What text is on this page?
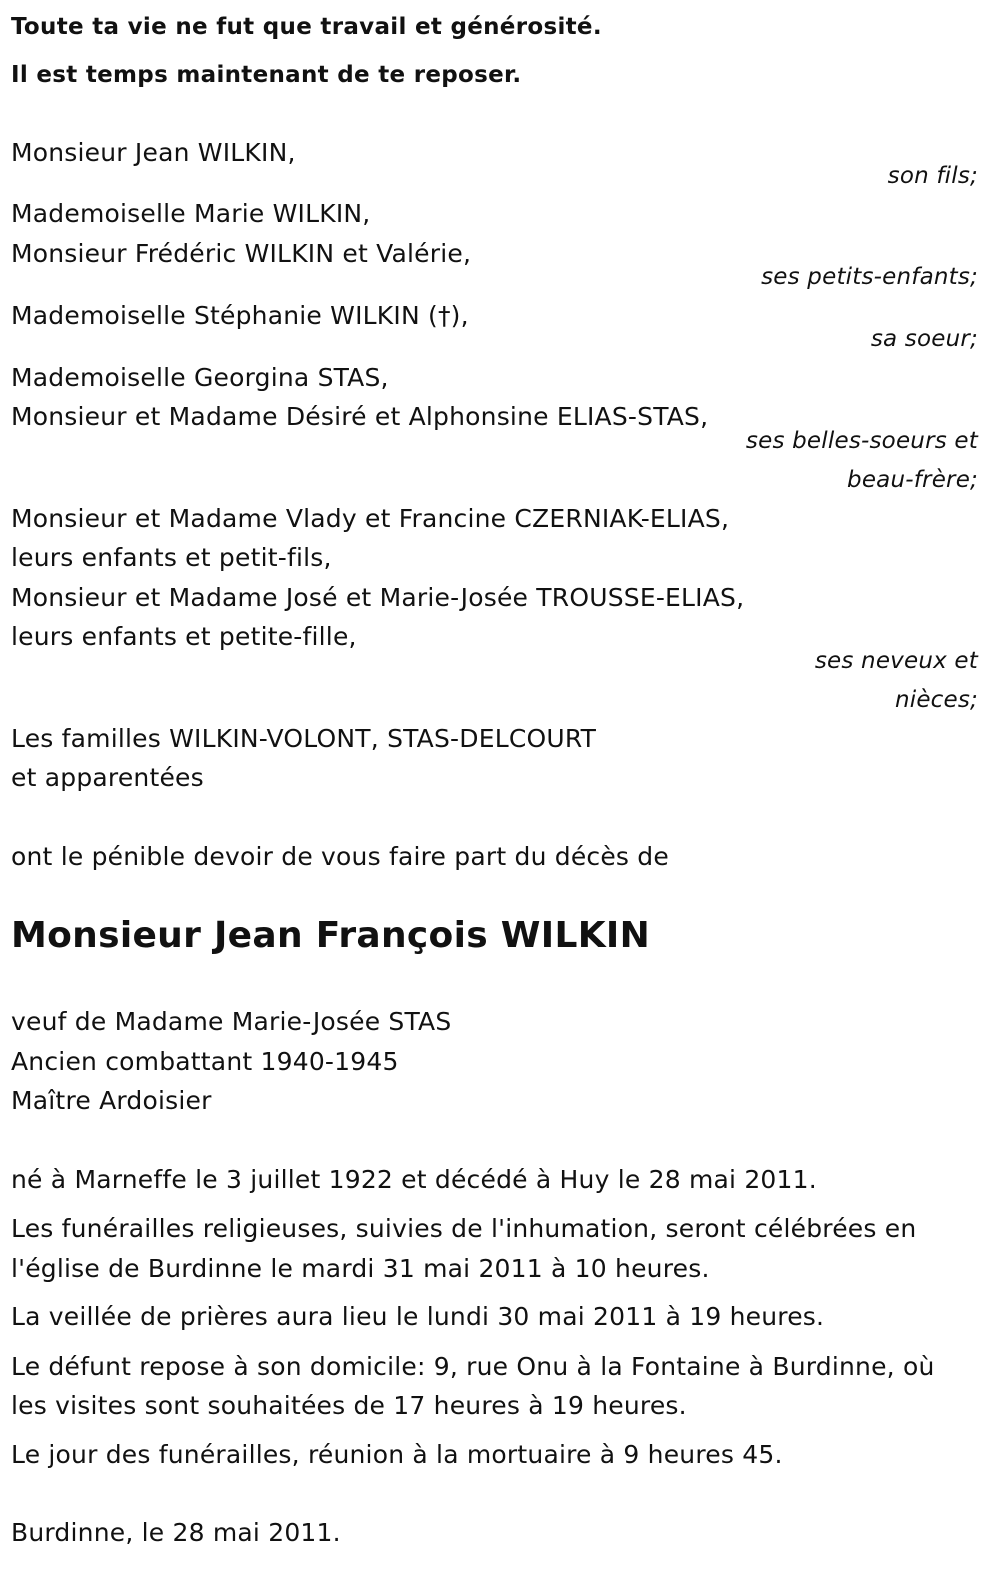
Toute ta vie ne fut que travail et générosité.
Il est temps maintenant de te reposer.
Monsieur Jean WILKIN,
son fils;
Mademoiselle Marie WILKIN,
Monsieur Frédéric WILKIN et Valérie,
ses petits-enfants;
Mademoiselle Stéphanie WILKIN (†),
sa soeur;
Mademoiselle Georgina STAS,
Monsieur et Madame Désiré et Alphonsine ELIAS-STAS,
ses belles-soeurs et
beau-frère;
Monsieur et Madame Vlady et Francine CZERNIAK-ELIAS,
leurs enfants et petit-fils,
Monsieur et Madame José et Marie-Josée TROUSSE-ELIAS,
leurs enfants et petite-fille,
ses neveux et
nièces;
Les familles WILKIN-VOLONT, STAS-DELCOURT
et apparentées
ont le pénible devoir de vous faire part du décès de
Monsieur Jean François WILKIN
veuf de Madame Marie-Josée STAS
Ancien combattant 1940-1945
Maître Ardoisier
né à Marneffe le 3 juillet 1922 et décédé à Huy le 28 mai 2011.
Les funérailles religieuses, suivies de l'inhumation, seront célébrées en
l'église de Burdinne le mardi 31 mai 2011 à 10 heures.
La veillée de prières aura lieu le lundi 30 mai 2011 à 19 heures.
Le défunt repose à son domicile: 9, rue Onu à la Fontaine à Burdinne, où
les visites sont souhaitées de 17 heures à 19 heures.
Le jour des funérailles, réunion à la mortuaire à 9 heures 45.
Burdinne, le 28 mai 2011.
